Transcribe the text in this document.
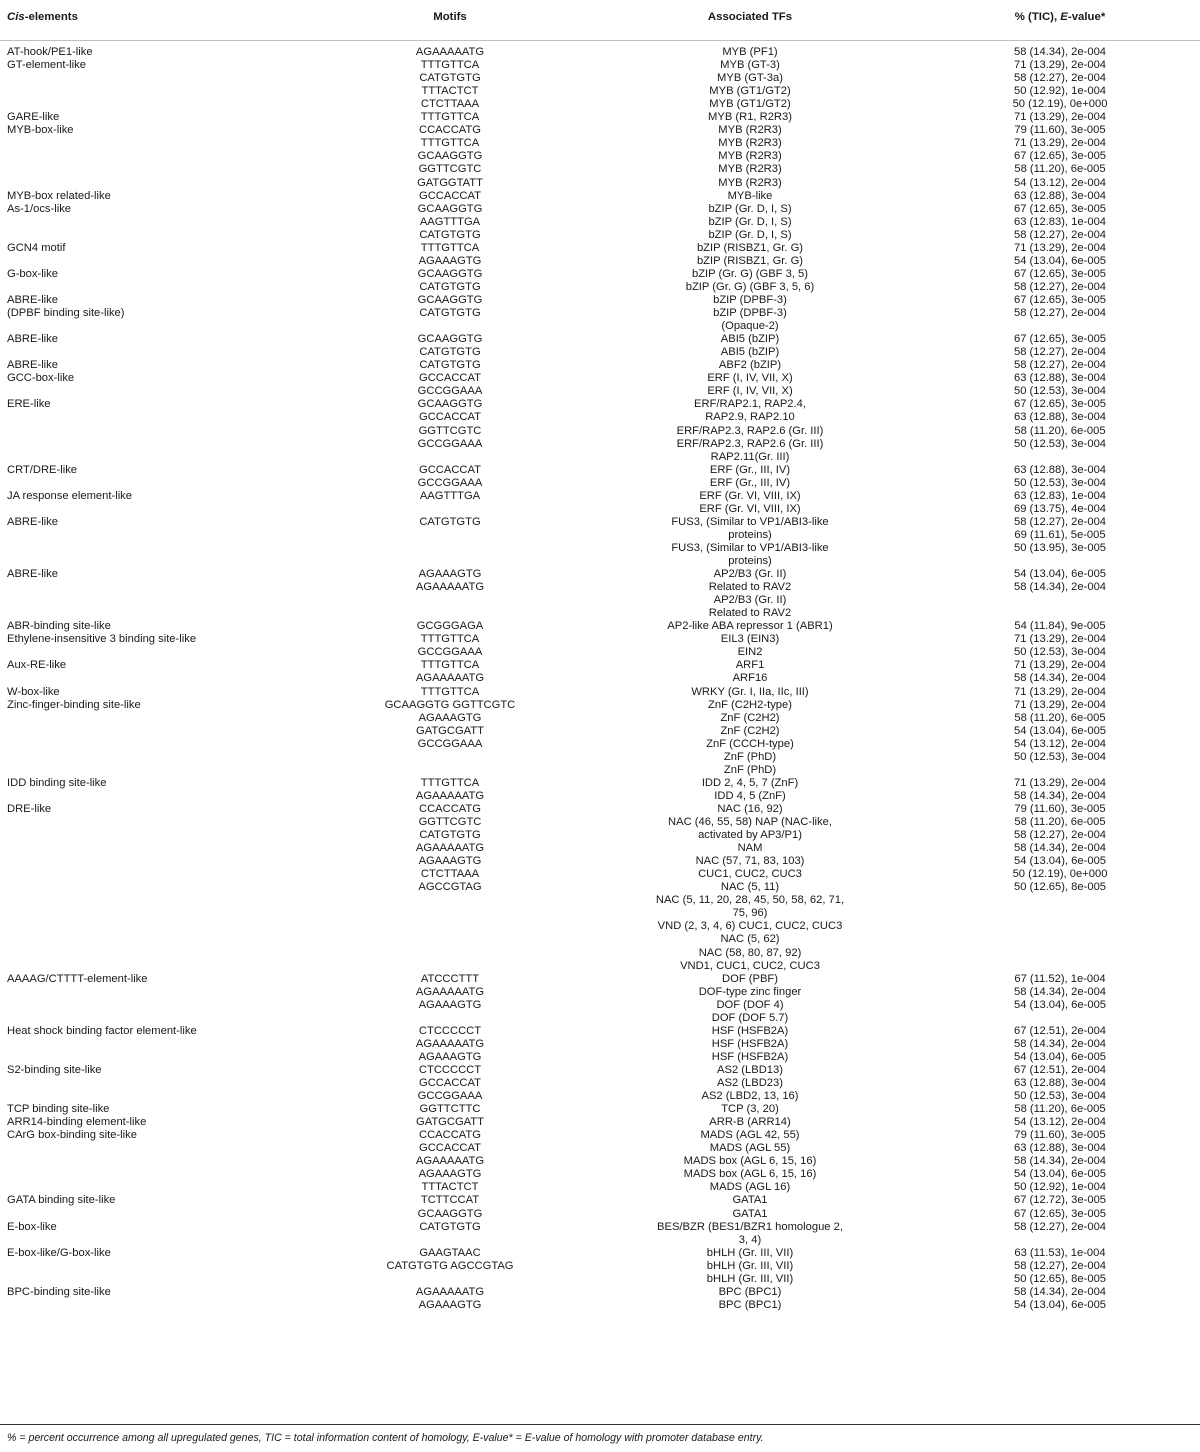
Cis-elements	Motifs	Associated TFs	% (TIC), E-value*
AT-hook/PE1-like	AGAAAAATG	MYB (PF1)	58 (14.34), 2e-004
GT-element-like	TTTGTTCA	MYB (GT-3)	71 (13.29), 2e-004
CATGTGTG	MYB (GT-3a)	58 (12.27), 2e-004
TTTACTCT	MYB (GT1/GT2)	50 (12.92), 1e-004
CTCTTAAA	MYB (GT1/GT2)	50 (12.19), 0e+000
GARE-like	TTTGTTCA	MYB (R1, R2R3)	71 (13.29), 2e-004
MYB-box-like	CCACCATG	MYB (R2R3)	79 (11.60), 3e-005
TTTGTTCA	MYB (R2R3)	71 (13.29), 2e-004
GCAAGGTG	MYB (R2R3)	67 (12.65), 3e-005
GGTTCGTC	MYB (R2R3)	58 (11.20), 6e-005
GATGGTATT	MYB (R2R3)	54 (13.12), 2e-004
MYB-box related-like	GCCACCAT	MYB-like	63 (12.88), 3e-004
As-1/ocs-like	GCAAGGTG	bZIP (Gr. D, I, S)	67 (12.65), 3e-005
AAGTTTGA	bZIP (Gr. D, I, S)	63 (12.83), 1e-004
CATGTGTG	bZIP (Gr. D, I, S)	58 (12.27), 2e-004
GCN4 motif	TTTGTTCA	bZIP (RISBZ1, Gr. G)	71 (13.29), 2e-004
AGAAAGTG	bZIP (RISBZ1, Gr. G)	54 (13.04), 6e-005
G-box-like	GCAAGGTG	bZIP (Gr. G) (GBF 3, 5)	67 (12.65), 3e-005
CATGTGTG	bZIP (Gr. G) (GBF 3, 5, 6)	58 (12.27), 2e-004
ABRE-like	GCAAGGTG	bZIP (DPBF-3)	67 (12.65), 3e-005
(DPBF binding site-like)	CATGTGTG	bZIP (DPBF-3)	58 (12.27), 2e-004
(Opaque-2)
ABRE-like	GCAAGGTG	ABI5 (bZIP)	67 (12.65), 3e-005
CATGTGTG	ABI5 (bZIP)	58 (12.27), 2e-004
ABRE-like	CATGTGTG	ABF2 (bZIP)	58 (12.27), 2e-004
GCC-box-like	GCCACCAT	ERF (I, IV, VII, X)	63 (12.88), 3e-004
GCCGGAAA	ERF (I, IV, VII, X)	50 (12.53), 3e-004
ERE-like	GCAAGGTG	ERF/RAP2.1, RAP2.4,	67 (12.65), 3e-005
GCCACCAT	RAP2.9, RAP2.10	63 (12.88), 3e-004
GGTTCGTC	ERF/RAP2.3, RAP2.6 (Gr. III)	58 (11.20), 6e-005
GCCGGAAA	ERF/RAP2.3, RAP2.6 (Gr. III)	50 (12.53), 3e-004
RAP2.11(Gr. III)
CRT/DRE-like	GCCACCAT	ERF (Gr., III, IV)	63 (12.88), 3e-004
GCCGGAAA	ERF (Gr., III, IV)	50 (12.53), 3e-004
JA response element-like	AAGTTTGA	ERF (Gr. VI, VIII, IX)	63 (12.83), 1e-004
ERF (Gr. VI, VIII, IX)	69 (13.75), 4e-004
ABRE-like	CATGTGTG	FUS3, (Similar to VP1/ABI3-like	58 (12.27), 2e-004
proteins)	69 (11.61), 5e-005
FUS3, (Similar to VP1/ABI3-like	50 (13.95), 3e-005
proteins)
ABRE-like	AGAAAGTG	AP2/B3 (Gr. II)	54 (13.04), 6e-005
AGAAAAATG	Related to RAV2	58 (14.34), 2e-004
AP2/B3 (Gr. II)
Related to RAV2
ABR-binding site-like	GCGGGAGA	AP2-like ABA repressor 1 (ABR1)	54 (11.84), 9e-005
Ethylene-insensitive 3 binding site-like	TTTGTTCA	EIL3 (EIN3)	71 (13.29), 2e-004
GCCGGAAA	EIN2	50 (12.53), 3e-004
Aux-RE-like	TTTGTTCA	ARF1	71 (13.29), 2e-004
AGAAAAATG	ARF16	58 (14.34), 2e-004
W-box-like	TTTGTTCA	WRKY (Gr. I, IIa, IIc, III)	71 (13.29), 2e-004
Zinc-finger-binding site-like	GCAAGGTG GGTTCGTC	ZnF (C2H2-type)	71 (13.29), 2e-004
AGAAAGTG	ZnF (C2H2)	58 (11.20), 6e-005
GATGCGATT	ZnF (C2H2)	54 (13.04), 6e-005
GCCGGAAA	ZnF (CCCH-type)	54 (13.12), 2e-004
ZnF (PhD)	50 (12.53), 3e-004
ZnF (PhD)
IDD binding site-like	TTTGTTCA	IDD 2, 4, 5, 7 (ZnF)	71 (13.29), 2e-004
AGAAAAATG	IDD 4, 5 (ZnF)	58 (14.34), 2e-004
DRE-like	CCACCATG	NAC (16, 92)	79 (11.60), 3e-005
GGTTCGTC	NAC (46, 55, 58) NAP (NAC-like,	58 (11.20), 6e-005
CATGTGTG	activated by AP3/P1)	58 (12.27), 2e-004
AGAAAAATG	NAM	58 (14.34), 2e-004
AGAAAGTG	NAC (57, 71, 83, 103)	54 (13.04), 6e-005
CTCTTAAA	CUC1, CUC2, CUC3	50 (12.19), 0e+000
AGCCGTAG	NAC (5, 11)	50 (12.65), 8e-005
NAC (5, 11, 20, 28, 45, 50, 58, 62, 71,
75, 96)
VND (2, 3, 4, 6) CUC1, CUC2, CUC3
NAC (5, 62)
NAC (58, 80, 87, 92)
VND1, CUC1, CUC2, CUC3
AAAAG/CTTTT-element-like	ATCCCTTT	DOF (PBF)	67 (11.52), 1e-004
AGAAAAATG	DOF-type zinc finger	58 (14.34), 2e-004
AGAAAGTG	DOF (DOF 4)	54 (13.04), 6e-005
DOF (DOF 5.7)
Heat shock binding factor element-like	CTCCCCCT	HSF (HSFB2A)	67 (12.51), 2e-004
AGAAAAATG	HSF (HSFB2A)	58 (14.34), 2e-004
AGAAAGTG	HSF (HSFB2A)	54 (13.04), 6e-005
S2-binding site-like	CTCCCCCT	AS2 (LBD13)	67 (12.51), 2e-004
GCCACCAT	AS2 (LBD23)	63 (12.88), 3e-004
GCCGGAAA	AS2 (LBD2, 13, 16)	50 (12.53), 3e-004
TCP binding site-like	GGTTCTTC	TCP (3, 20)	58 (11.20), 6e-005
ARR14-binding element-like	GATGCGATT	ARR-B (ARR14)	54 (13.12), 2e-004
CArG box-binding site-like	CCACCATG	MADS (AGL 42, 55)	79 (11.60), 3e-005
GCCACCAT	MADS (AGL 55)	63 (12.88), 3e-004
AGAAAAATG	MADS box (AGL 6, 15, 16)	58 (14.34), 2e-004
AGAAAGTG	MADS box (AGL 6, 15, 16)	54 (13.04), 6e-005
TTTACTCT	MADS (AGL 16)	50 (12.92), 1e-004
GATA binding site-like	TCTTCCAT	GATA1	67 (12.72), 3e-005
GCAAGGTG	GATA1	67 (12.65), 3e-005
E-box-like	CATGTGTG	BES/BZR (BES1/BZR1 homologue 2,	58 (12.27), 2e-004
3, 4)
E-box-like/G-box-like	GAAGTAAC	bHLH (Gr. III, VII)	63 (11.53), 1e-004
CATGTGTG AGCCGTAG	bHLH (Gr. III, VII)	58 (12.27), 2e-004
bHLH (Gr. III, VII)	50 (12.65), 8e-005
BPC-binding site-like	AGAAAAATG	BPC (BPC1)	58 (14.34), 2e-004
AGAAAGTG	BPC (BPC1)	54 (13.04), 6e-005
% = percent occurrence among all upregulated genes, TIC = total information content of homology, E-value* = E-value of homology with promoter database entry.
